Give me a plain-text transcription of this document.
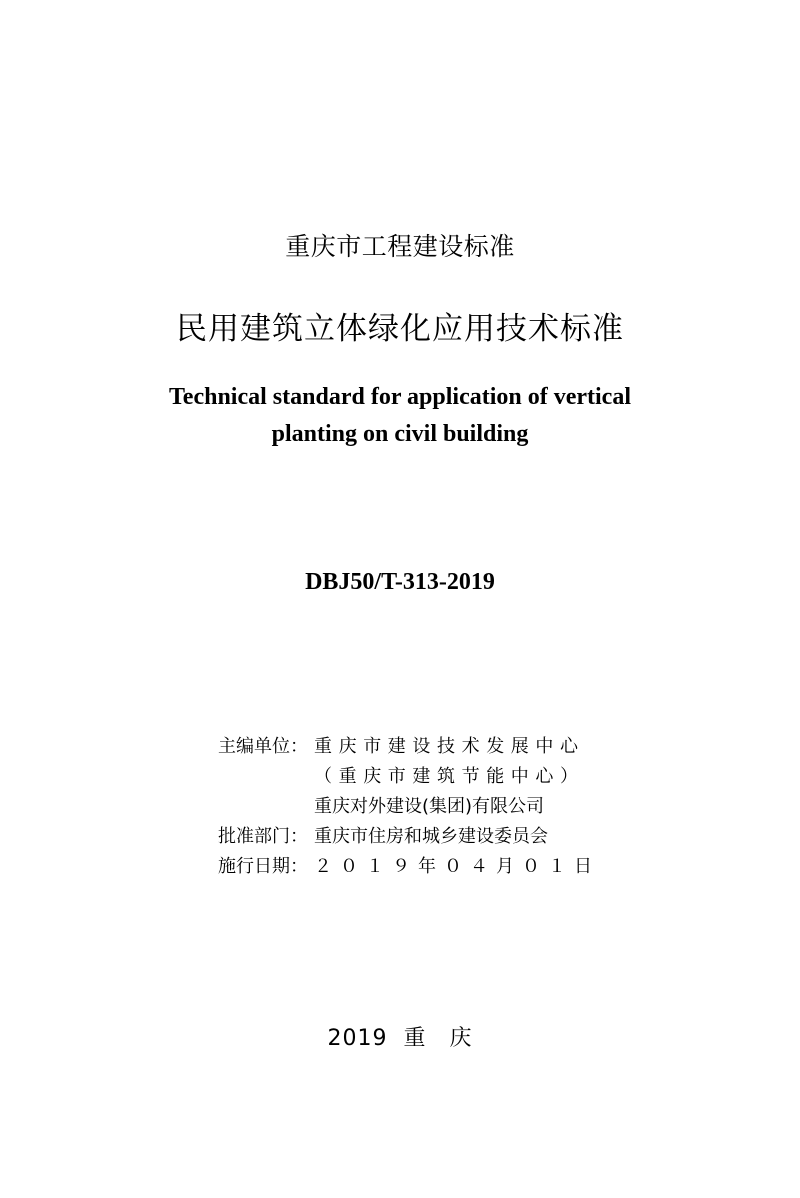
重庆市工程建设标准
民用建筑立体绿化应用技术标准
Technical standard for application of vertical
planting on civil building
DBJ50/T-313-2019
主编单位： 重庆市建设技术发展中心
（重庆市建筑节能中心）
重庆对外建设(集团)有限公司
批准部门： 重庆市住房和城乡建设委员会
施行日期： ２０１９年０４月０１日
2019 重　庆
